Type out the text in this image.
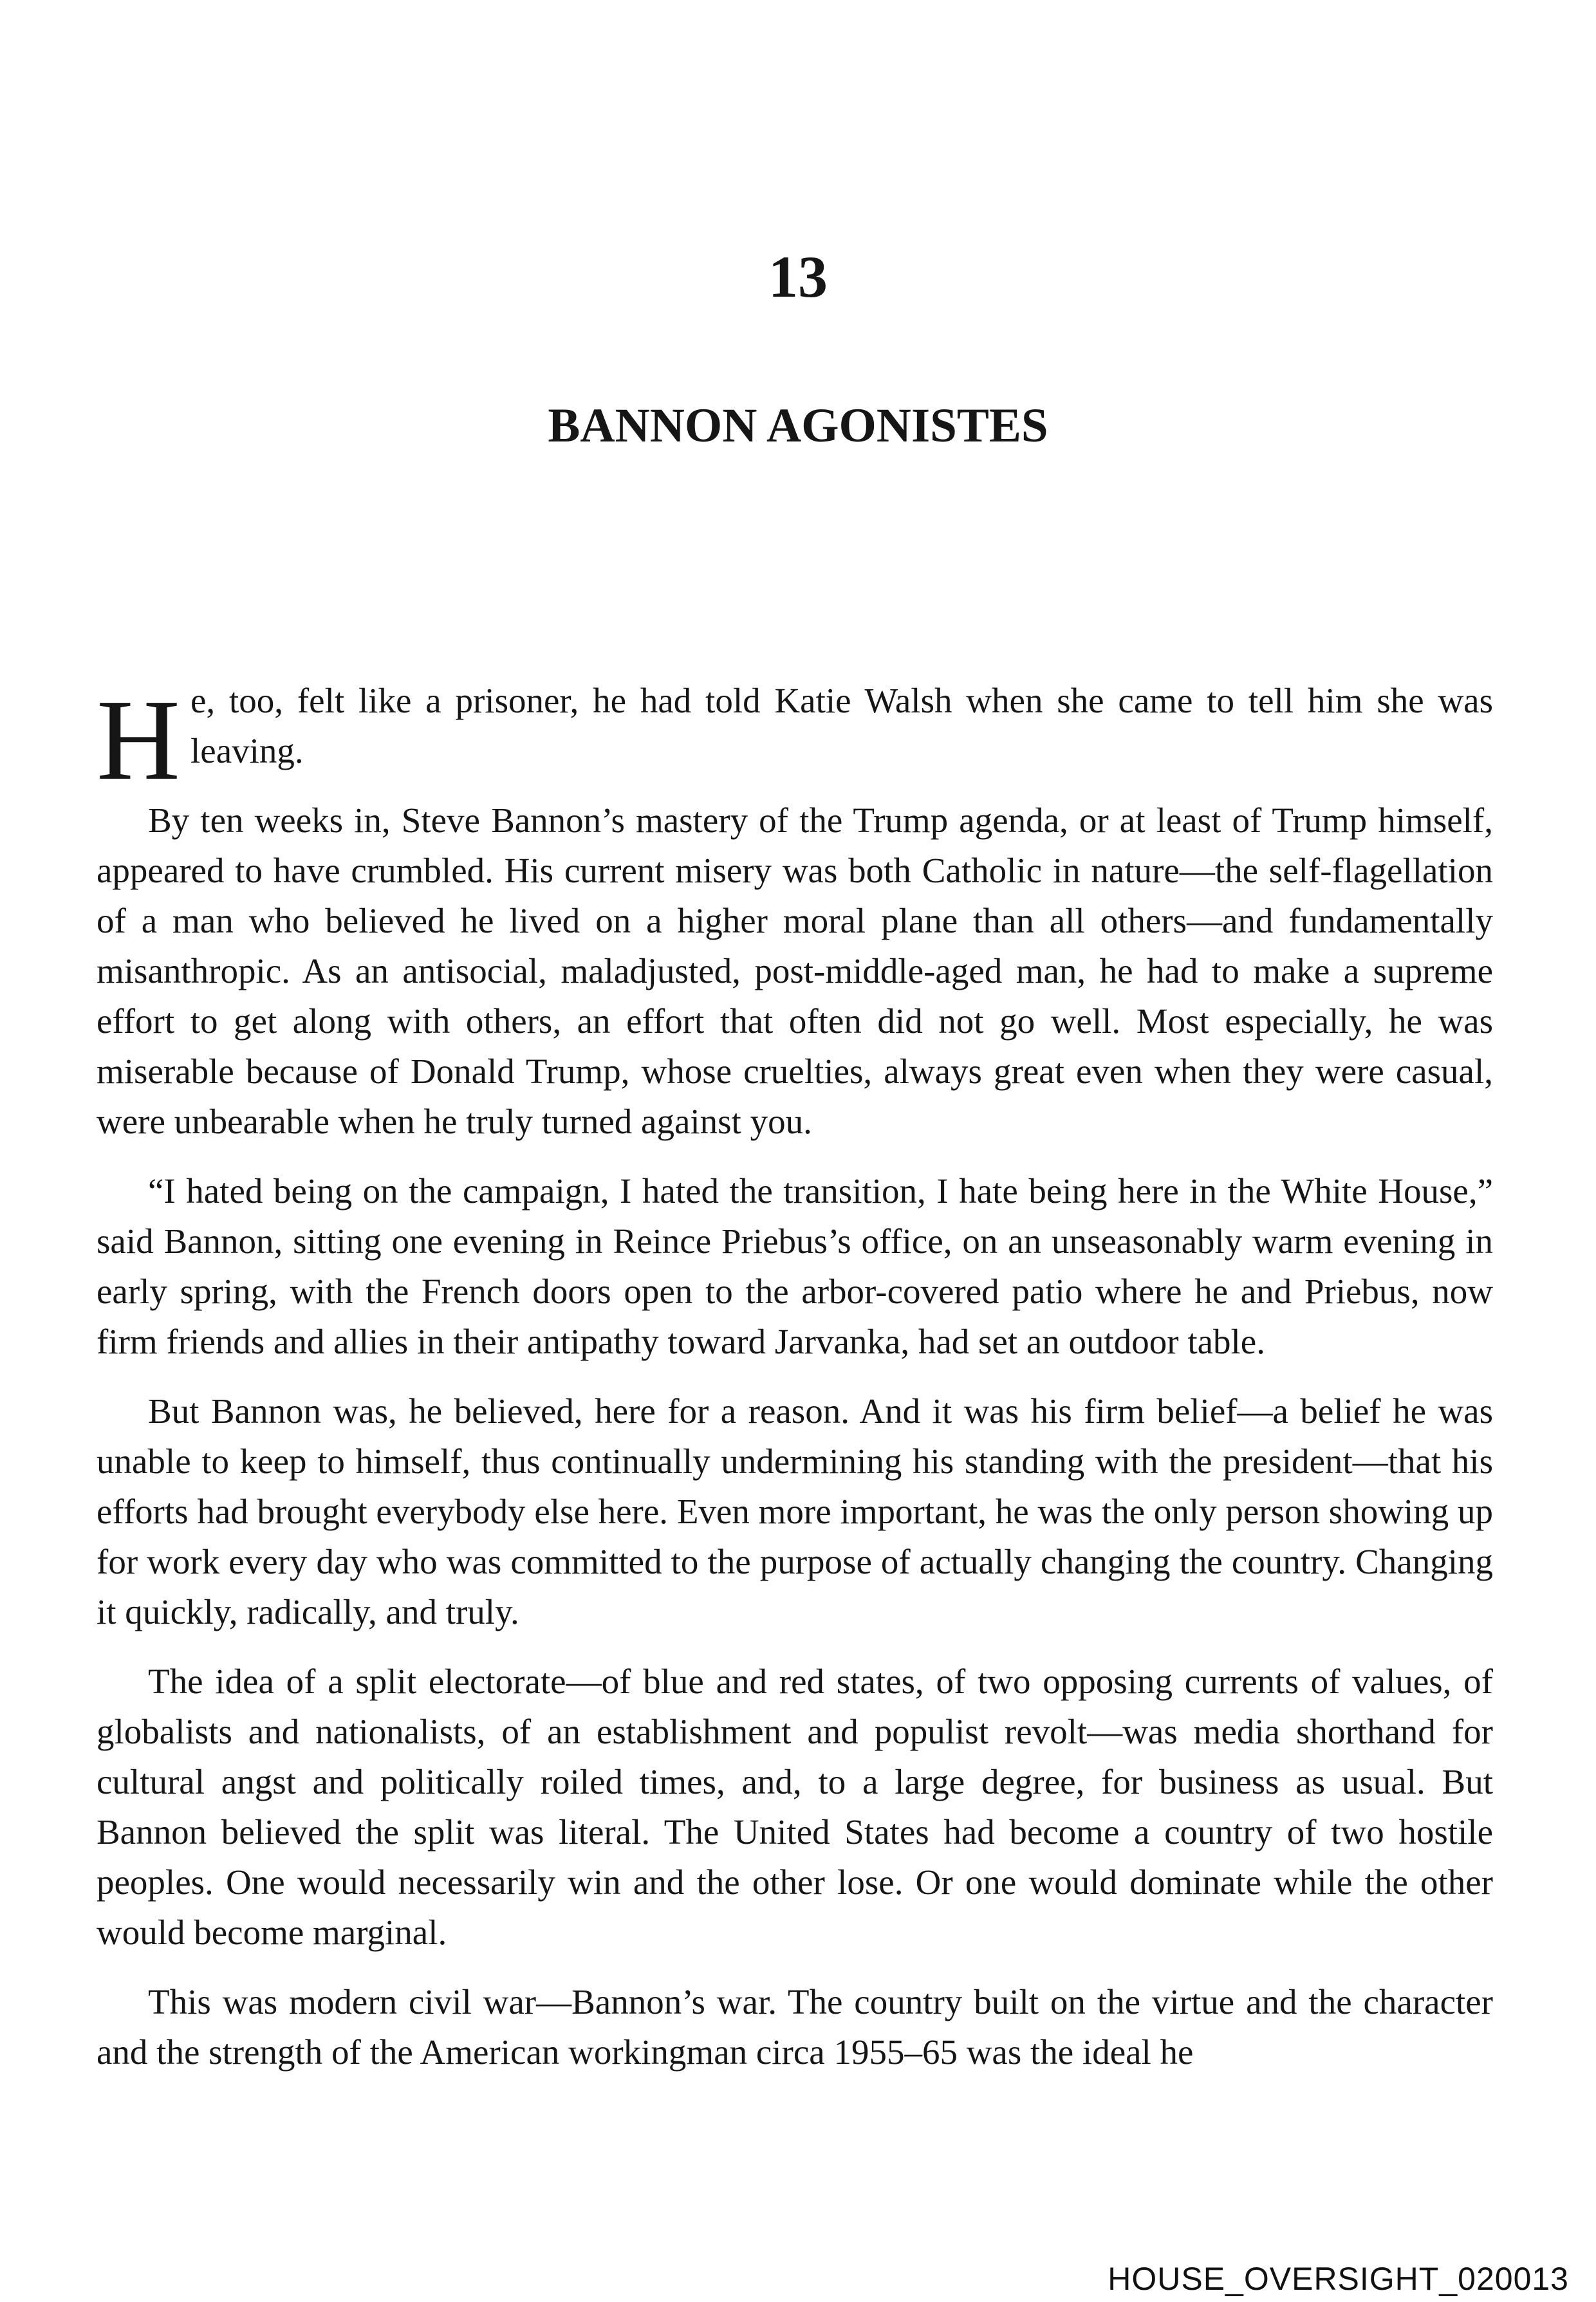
13
BANNON AGONISTES

He, too, felt like a prisoner, he had told Katie Walsh when she came to tell him she was leaving.

By ten weeks in, Steve Bannon’s mastery of the Trump agenda, or at least of Trump himself, appeared to have crumbled. His current misery was both Catholic in nature—the self-flagellation of a man who believed he lived on a higher moral plane than all others—and fundamentally misanthropic. As an antisocial, maladjusted, post-middle-aged man, he had to make a supreme effort to get along with others, an effort that often did not go well. Most especially, he was miserable because of Donald Trump, whose cruelties, always great even when they were casual, were unbearable when he truly turned against you.

“I hated being on the campaign, I hated the transition, I hate being here in the White House,” said Bannon, sitting one evening in Reince Priebus’s office, on an unseasonably warm evening in early spring, with the French doors open to the arbor-covered patio where he and Priebus, now firm friends and allies in their antipathy toward Jarvanka, had set an outdoor table.

But Bannon was, he believed, here for a reason. And it was his firm belief—a belief he was unable to keep to himself, thus continually undermining his standing with the president—that his efforts had brought everybody else here. Even more important, he was the only person showing up for work every day who was committed to the purpose of actually changing the country. Changing it quickly, radically, and truly.

The idea of a split electorate—of blue and red states, of two opposing currents of values, of globalists and nationalists, of an establishment and populist revolt—was media shorthand for cultural angst and politically roiled times, and, to a large degree, for business as usual. But Bannon believed the split was literal. The United States had become a country of two hostile peoples. One would necessarily win and the other lose. Or one would dominate while the other would become marginal.

This was modern civil war—Bannon’s war. The country built on the virtue and the character and the strength of the American workingman circa 1955–65 was the ideal he

HOUSE_OVERSIGHT_020013
